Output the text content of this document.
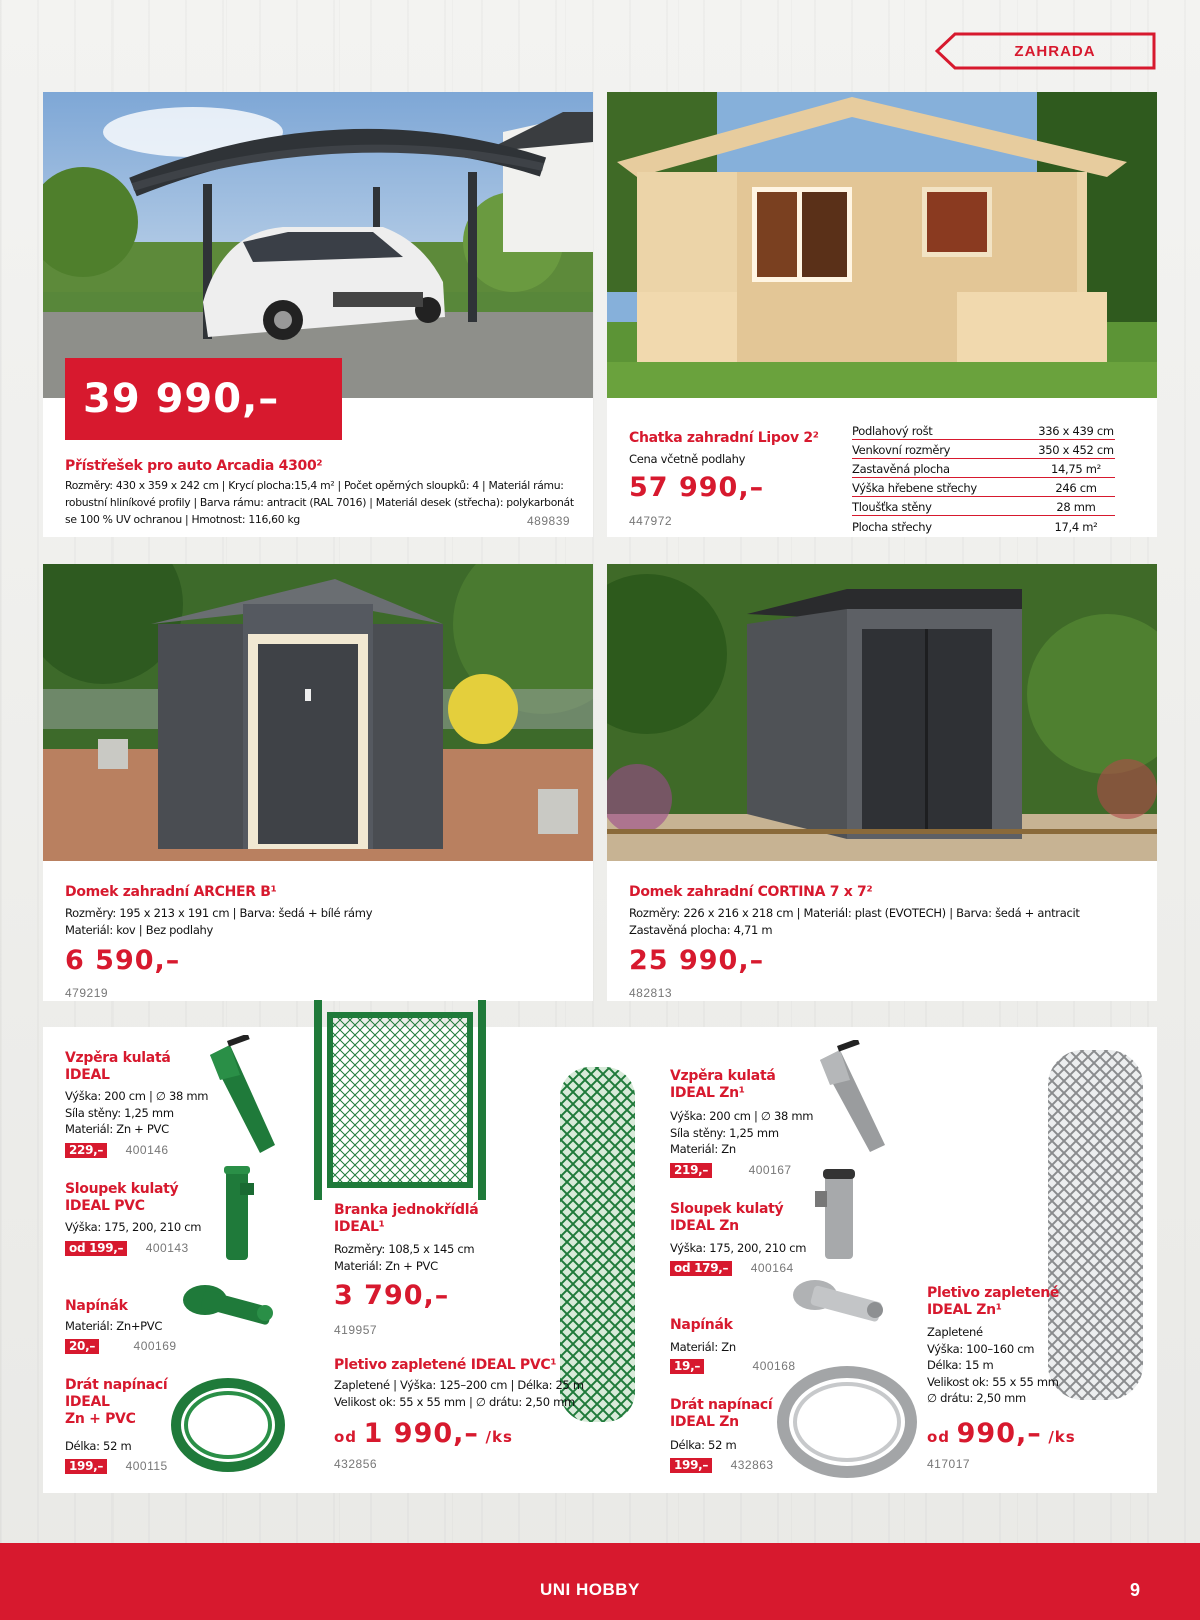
ZAHRADA
39 990,–
Přístřešek pro auto Arcadia 4300²
Rozměry: 430 x 359 x 242 cm | Krycí plocha:15,4 m² | Počet opěrných sloupků: 4 | Materiál rámu:
robustní hliníkové profily | Barva rámu: antracit (RAL 7016) | Materiál desek (střecha): polykarbonát
se 100 % UV ochranou | Hmotnost: 116,60 kg	489839
Chatka zahradní Lipov 2²
Cena včetně podlahy
57 990,–
447972
Podlahový rošt	336 x 439 cm
Venkovní rozměry	350 x 452 cm
Zastavěná plocha	14,75 m²
Výška hřebene střechy	246 cm
Tloušťka stěny	28 mm
Plocha střechy	17,4 m²
Domek zahradní ARCHER B¹
Rozměry: 195 x 213 x 191 cm | Barva: šedá + bílé rámy
Materiál: kov | Bez podlahy
6 590,–
479219
Domek zahradní CORTINA 7 x 7²
Rozměry: 226 x 216 x 218 cm | Materiál: plast (EVOTECH) | Barva: šedá + antracit
Zastavěná plocha: 4,71 m
25 990,–
482813
Vzpěra kulatá
IDEAL
Výška: 200 cm | ∅ 38 mm
Síla stěny: 1,25 mm
Materiál: Zn + PVC
229,– 400146
Sloupek kulatý
IDEAL PVC
Výška: 175, 200, 210 cm
od 199,– 400143
Napínák
Materiál: Zn+PVC
20,–	400169
Drát napínací
IDEAL
Zn + PVC
Délka: 52 m
199,– 400115
Branka jednokřídlá
IDEAL¹
Rozměry: 108,5 x 145 cm
Materiál: Zn + PVC
3 790,–
419957
Pletivo zapletené IDEAL PVC¹
Zapletené | Výška: 125–200 cm | Délka: 25 m
Velikost ok: 55 x 55 mm | ∅ drátu: 2,50 mm
od 1 990,– /ks
432856
Vzpěra kulatá
IDEAL Zn¹
Výška: 200 cm | ∅ 38 mm
Síla stěny: 1,25 mm
Materiál: Zn
219,–	400167
Sloupek kulatý
IDEAL Zn
Výška: 175, 200, 210 cm
od 179,– 400164
Napínák
Materiál: Zn
19,–	400168
Drát napínací
IDEAL Zn
Délka: 52 m
199,– 432863
Pletivo zapletené
IDEAL Zn¹
Zapletené
Výška: 100–160 cm
Délka: 15 m
Velikost ok: 55 x 55 mm
∅ drátu: 2,50 mm
od 990,– /ks
417017
UNI HOBBY	9
